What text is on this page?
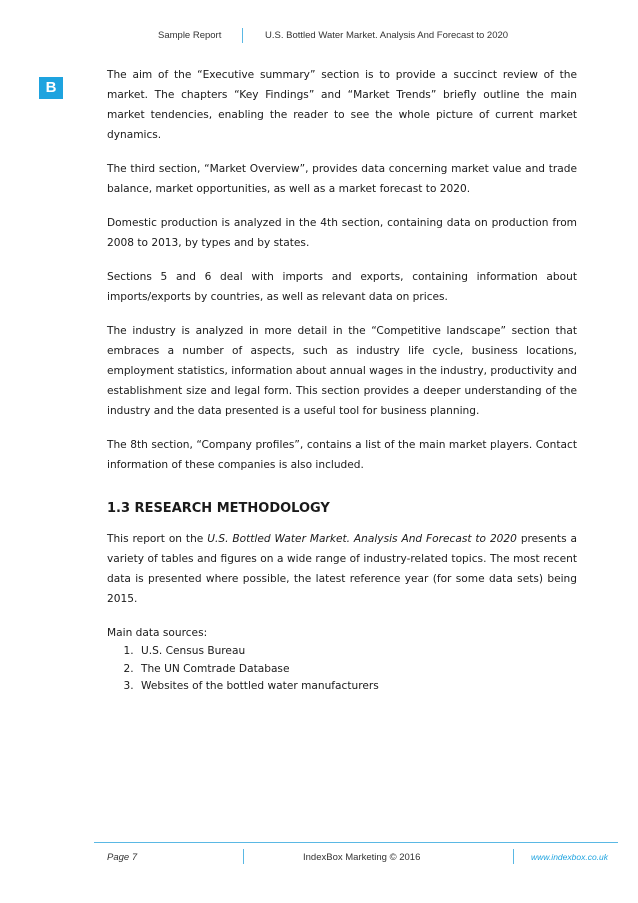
Sample Report	U.S. Bottled Water Market. Analysis And Forecast to 2020
B

The aim of the “Executive summary” section is to provide a succinct review of the market. The chapters “Key Findings” and “Market Trends” briefly outline the main market tendencies, enabling the reader to see the whole picture of current market dynamics.

The third section, “Market Overview”, provides data concerning market value and trade balance, market opportunities, as well as a market forecast to 2020.

Domestic production is analyzed in the 4th section, containing data on production from 2008 to 2013, by types and by states.

Sections 5 and 6 deal with imports and exports, containing information about imports/exports by countries, as well as relevant data on prices.

The industry is analyzed in more detail in the “Competitive landscape” section that embraces a number of aspects, such as industry life cycle, business locations, employment statistics, information about annual wages in the industry, productivity and establishment size and legal form. This section provides a deeper understanding of the industry and the data presented is a useful tool for business planning.

The 8th section, “Company profiles”, contains a list of the main market players. Contact information of these companies is also included.

1.3 RESEARCH METHODOLOGY

This report on the U.S. Bottled Water Market. Analysis And Forecast to 2020 presents a variety of tables and figures on a wide range of industry-related topics. The most recent data is presented where possible, the latest reference year (for some data sets) being 2015.

Main data sources:

1. U.S. Census Bureau
2. The UN Comtrade Database
3. Websites of the bottled water manufacturers
Page 7	IndexBox Marketing © 2016	www.indexbox.co.uk
